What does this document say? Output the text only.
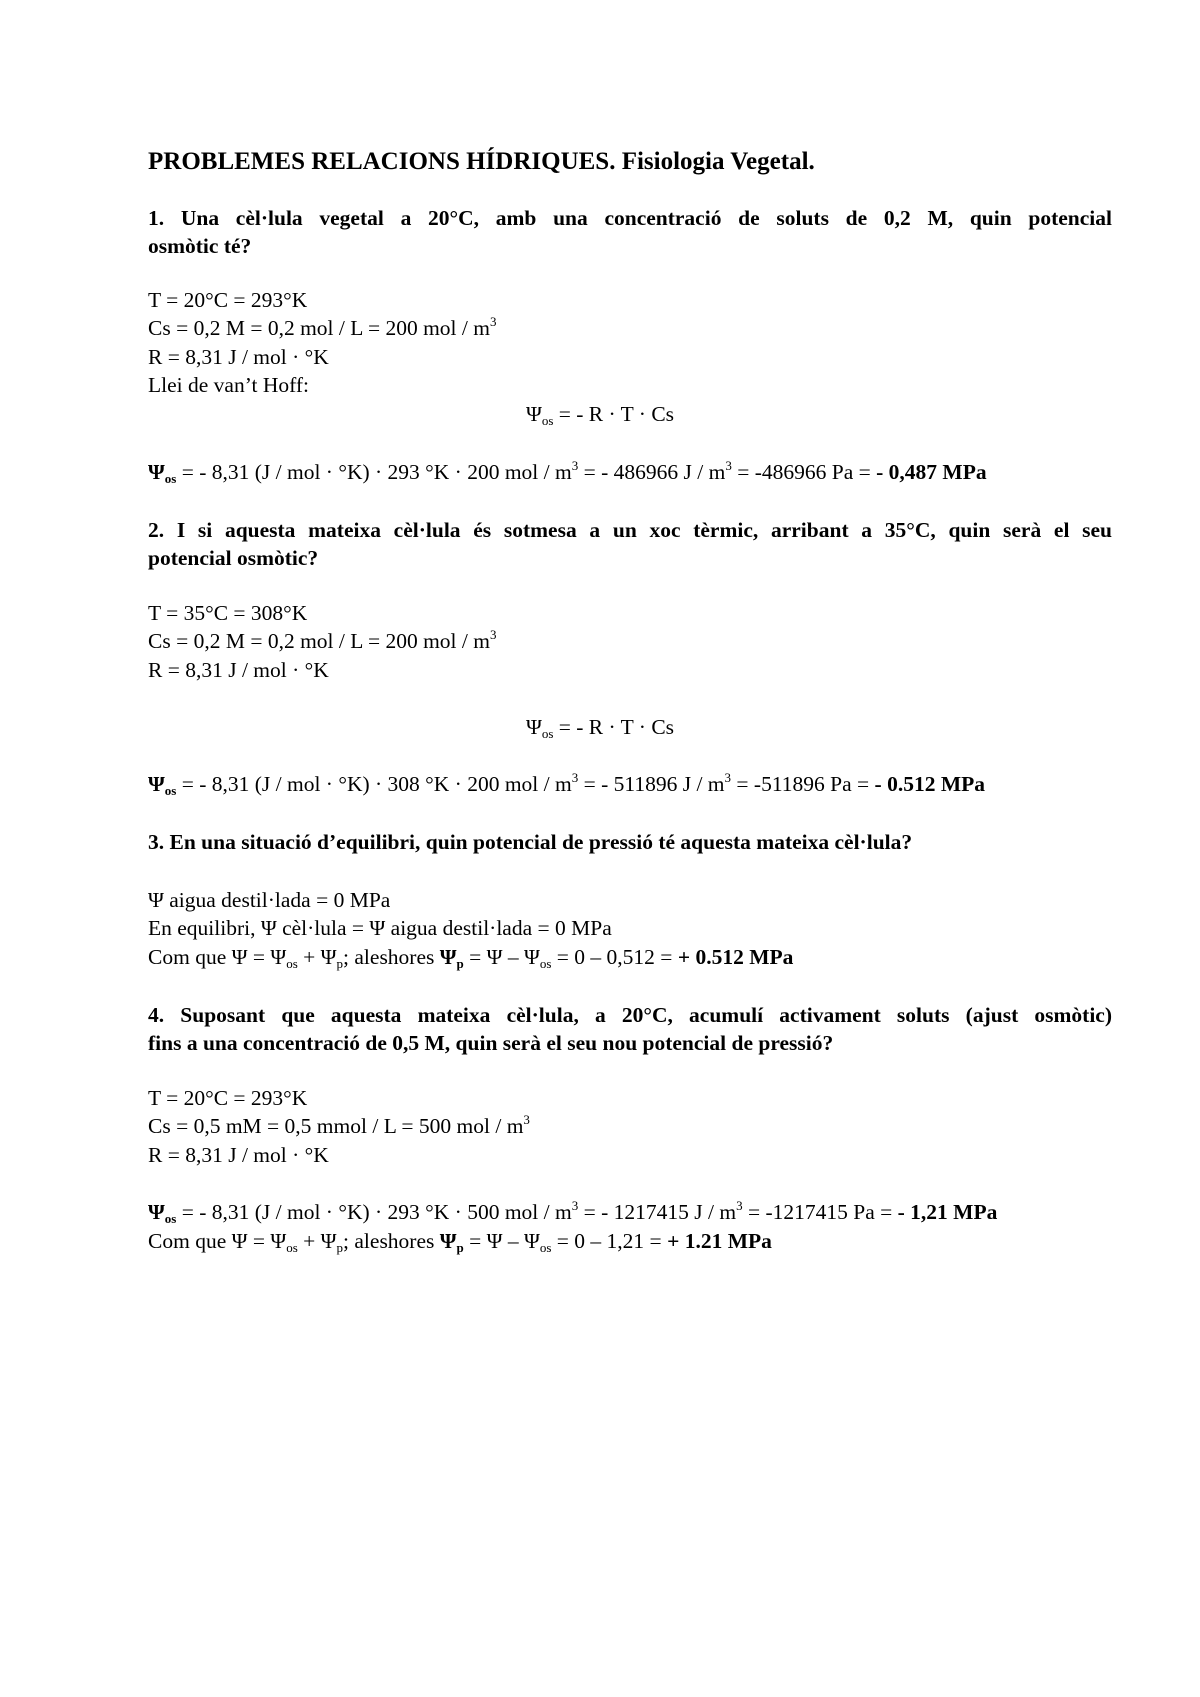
PROBLEMES RELACIONS HÍDRIQUES. Fisiologia Vegetal.
1. Una cèl·lula vegetal a 20°C, amb una concentració de soluts de 0,2 M, quin potencial
osmòtic té?
T = 20°C = 293°K
Cs = 0,2 M = 0,2 mol / L = 200 mol / $m^3$
R = 8,31 J / mol · °K
Llei de van’t Hoff:
$\Psi_{os}$ = - R · T · Cs
$\Psi_{os}$ = - 8,31 (J / mol · °K) · 293 °K · 200 mol / $m^3$ = - 486966 $J / m^3 = -486966$ Pa = - 0,487 MPa
2. I si aquesta mateixa cèl·lula és sotmesa a un xoc tèrmic, arribant a 35°C, quin serà el seu
potencial osmòtic?
T = 35°C = 308°K
Cs = 0,2 M = 0,2 mol / L = 200 mol / $m^3$
R = 8,31 J / mol · °K
$\Psi_{os}$ = - R · T · Cs
$\Psi_{os}$ = - 8,31 (J / mol · °K) · 308 °K · 200 mol / $m^3$ = - 511896 $J / m^3 = -511896$ Pa = - 0.512 MPa
3. En una situació d’equilibri, quin potencial de pressió té aquesta mateixa cèl·lula?
Ψ aigua destil·lada = 0 MPa
En equilibri, Ψ cèl·lula = Ψ aigua destil·lada = 0 MPa
Com que $\Psi = \Psi_{os} + \Psi_p$; aleshores $\Psi_p = \Psi - \Psi_{os} = 0 - 0,512$ = + 0.512 MPa
4. Suposant que aquesta mateixa cèl·lula, a 20°C, acumulí activament soluts (ajust osmòtic)
fins a una concentració de 0,5 M, quin serà el seu nou potencial de pressió?
T = 20°C = 293°K
Cs = 0,5 mM = 0,5 mmol / L = 500 mol / $m^3$
R = 8,31 J / mol · °K
$\Psi_{os}$ = - 8,31 (J / mol · °K) · 293 °K · 500 mol / $m^3$ = - 1217415 $J / m^3 = -1217415$ Pa = - 1,21 MPa
Com que $\Psi = \Psi_{os} + \Psi_p$; aleshores $\Psi_p = \Psi - \Psi_{os} = 0 - 1,21$ = + 1.21 MPa
